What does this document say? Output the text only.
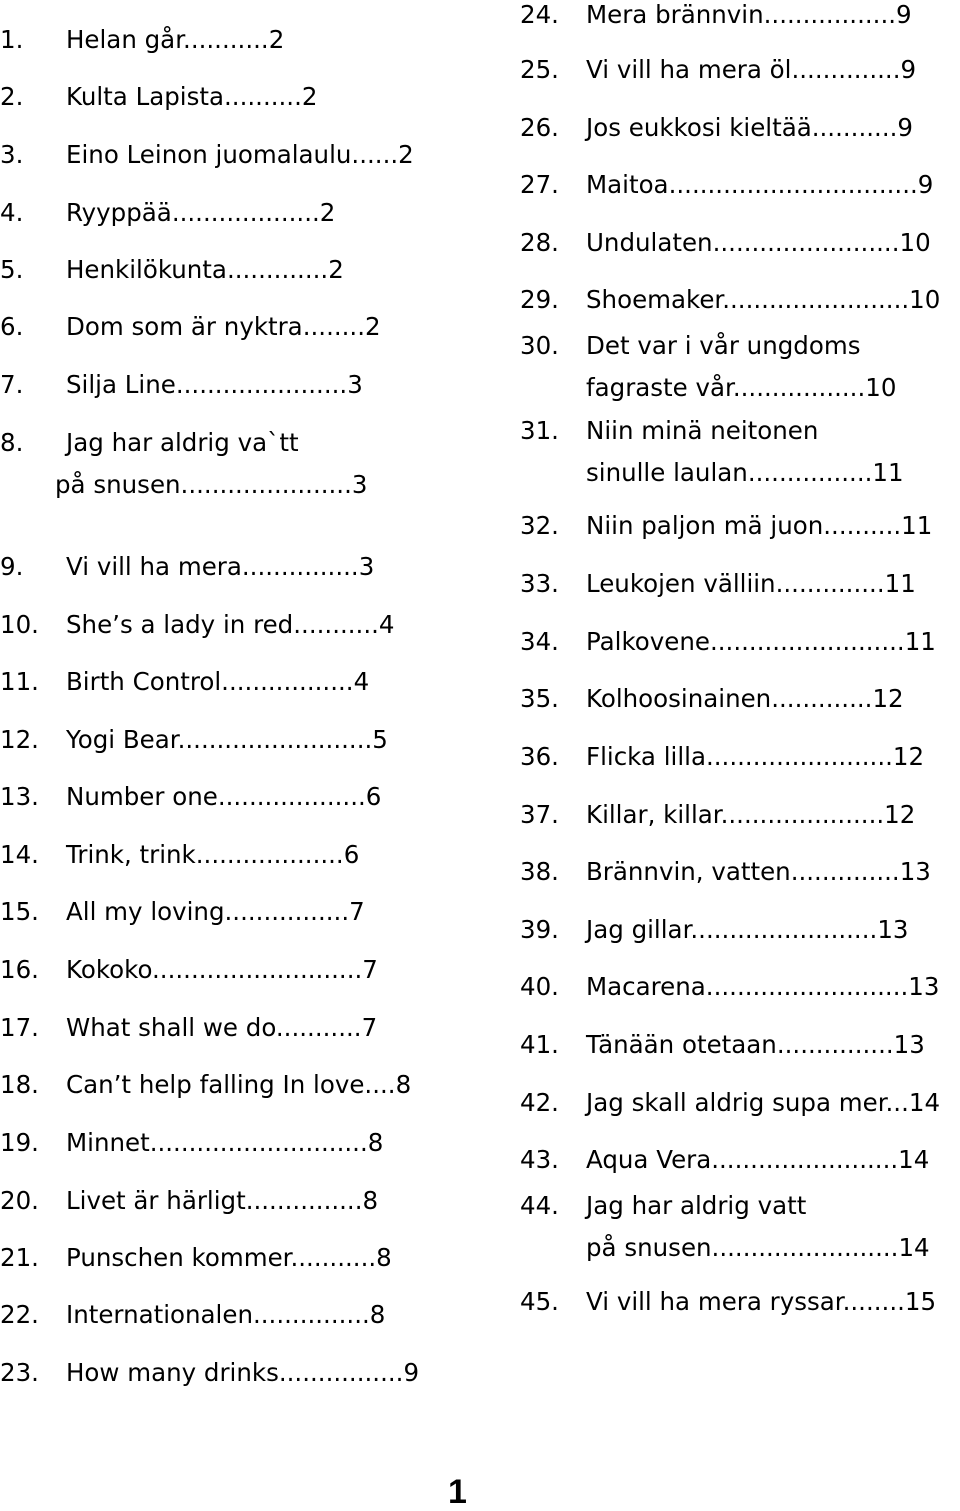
1. Helan går...........2
2. Kulta Lapista..........2
3. Eino Leinon juomalaulu......2
4. Ryyppää...................2
5. Henkilökunta.............2
6. Dom som är nyktra........2
7. Silja Line......................3
8. Jag har aldrig va`tt
på snusen......................3
9. Vi vill ha mera...............3
10. She’s a lady in red...........4
11. Birth Control.................4
12. Yogi Bear.........................5
13. Number one...................6
14. Trink, trink...................6
15. All my loving................7
16. Kokoko...........................7
17. What shall we do...........7
18. Can’t help falling In love....8
19. Minnet............................8
20. Livet är härligt...............8
21. Punschen kommer...........8
22. Internationalen...............8
23. How many drinks................9
24. Mera brännvin.................9
25. Vi vill ha mera öl..............9
26. Jos eukkosi kieltää...........9
27. Maitoa................................9
28. Undulaten........................10
29. Shoemaker........................10
30. Det var i vår ungdoms
fagraste vår.................10
31. Niin minä neitonen
sinulle laulan................11
32. Niin paljon mä juon..........11
33. Leukojen välliin..............11
34. Palkovene.........................11
35. Kolhoosinainen.............12
36. Flicka lilla........................12
37. Killar, killar.....................12
38. Brännvin, vatten..............13
39. Jag gillar........................13
40. Macarena..........................13
41. Tänään otetaan...............13
42. Jag skall aldrig supa mer...14
43. Aqua Vera........................14
44. Jag har aldrig vatt
på snusen........................14
45. Vi vill ha mera ryssar........15
1
